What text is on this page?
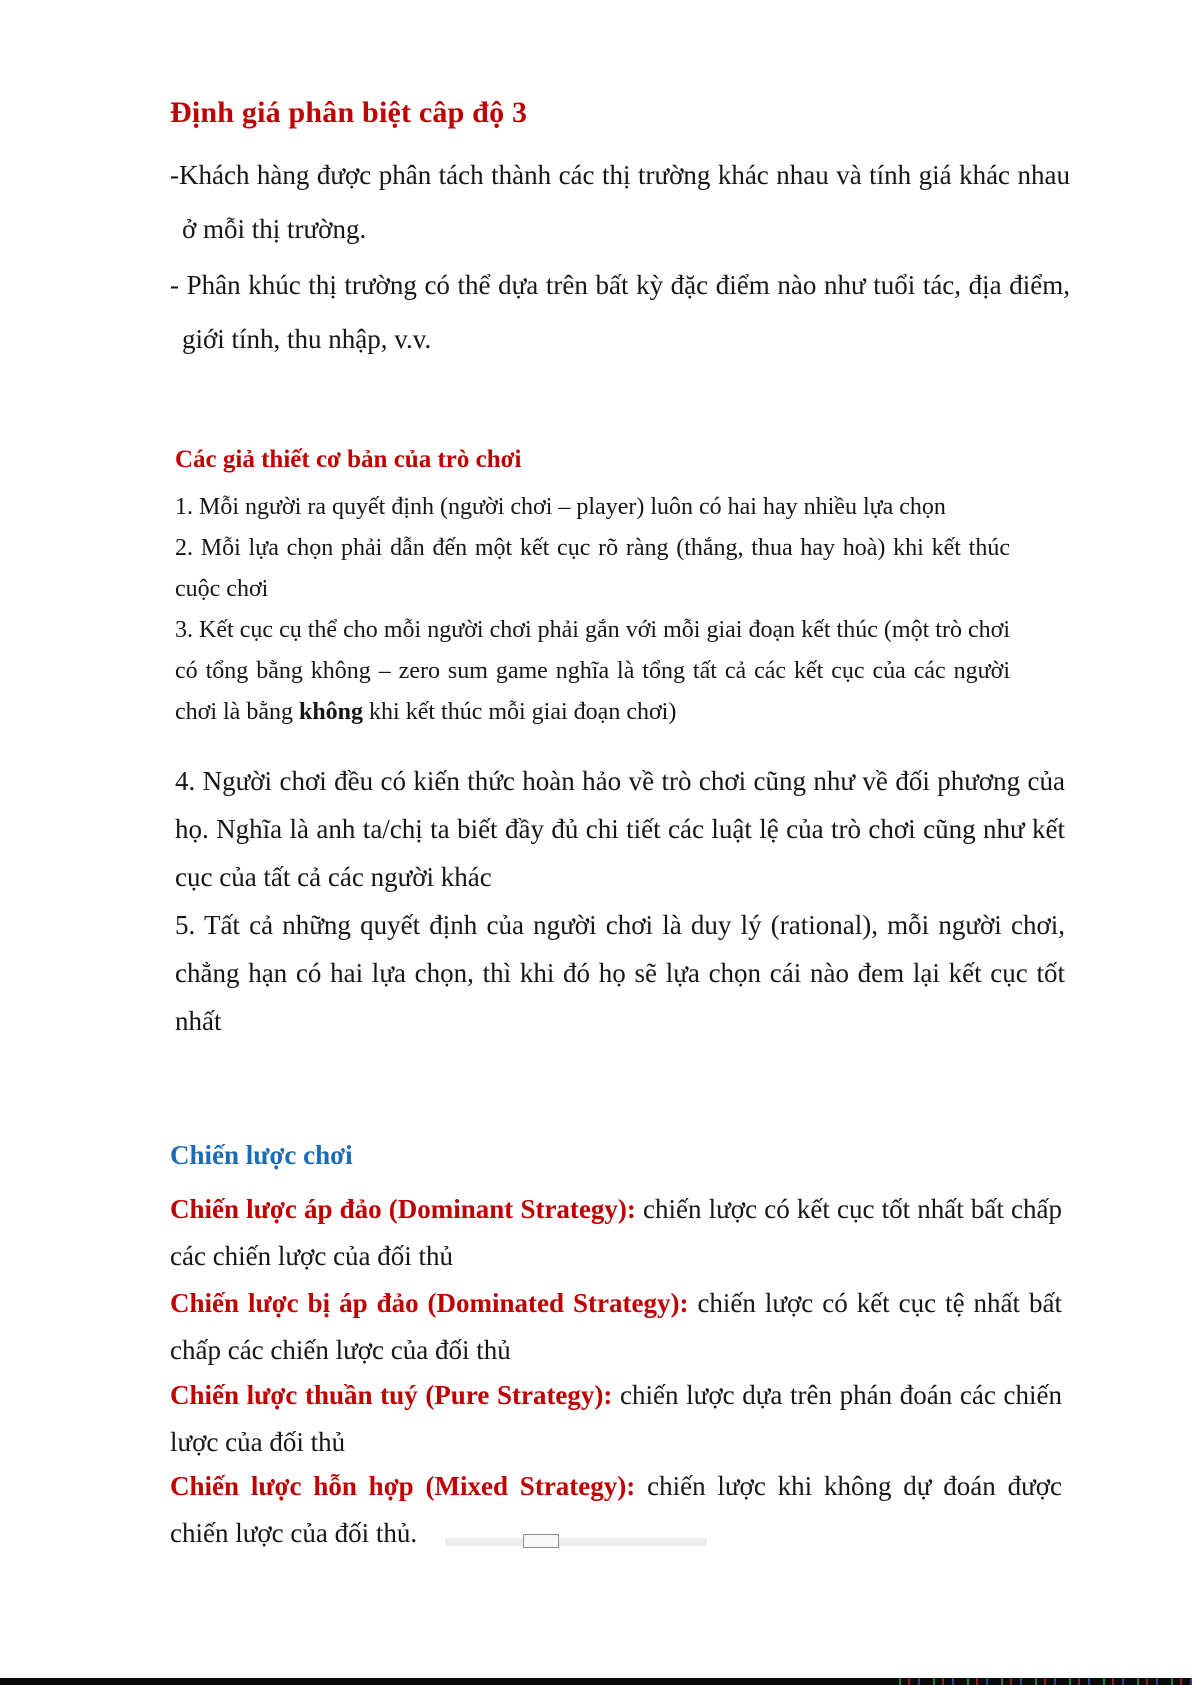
Định giá phân biệt câp độ 3
-Khách hàng được phân tách thành các thị trường khác nhau và tính giá khác nhau ở mỗi thị trường.
- Phân khúc thị trường có thể dựa trên bất kỳ đặc điểm nào như tuổi tác, địa điểm, giới tính, thu nhập, v.v.
Các giả thiết cơ bản của trò chơi
1. Mỗi người ra quyết định (người chơi – player) luôn có hai hay nhiều lựa chọn
2. Mỗi lựa chọn phải dẫn đến một kết cục rõ ràng (thắng, thua hay hoà) khi kết thúc cuộc chơi
3. Kết cục cụ thể cho mỗi người chơi phải gắn với mỗi giai đoạn kết thúc (một trò chơi có tổng bằng không – zero sum game nghĩa là tổng tất cả các kết cục của các người chơi là bằng không khi kết thúc mỗi giai đoạn chơi)
4. Người chơi đều có kiến thức hoàn hảo về trò chơi cũng như về đối phương của họ. Nghĩa là anh ta/chị ta biết đầy đủ chi tiết các luật lệ của trò chơi cũng như kết cục của tất cả các người khác
5. Tất cả những quyết định của người chơi là duy lý (rational), mỗi người chơi, chẳng hạn có hai lựa chọn, thì khi đó họ sẽ lựa chọn cái nào đem lại kết cục tốt nhất
Chiến lược chơi
Chiến lược áp đảo (Dominant Strategy): chiến lược có kết cục tốt nhất bất chấp các chiến lược của đối thủ
Chiến lược bị áp đảo (Dominated Strategy): chiến lược có kết cục tệ nhất bất chấp các chiến lược của đối thủ
Chiến lược thuần tuý (Pure Strategy): chiến lược dựa trên phán đoán các chiến lược của đối thủ
Chiến lược hỗn hợp (Mixed Strategy): chiến lược khi không dự đoán được chiến lược của đối thủ.
